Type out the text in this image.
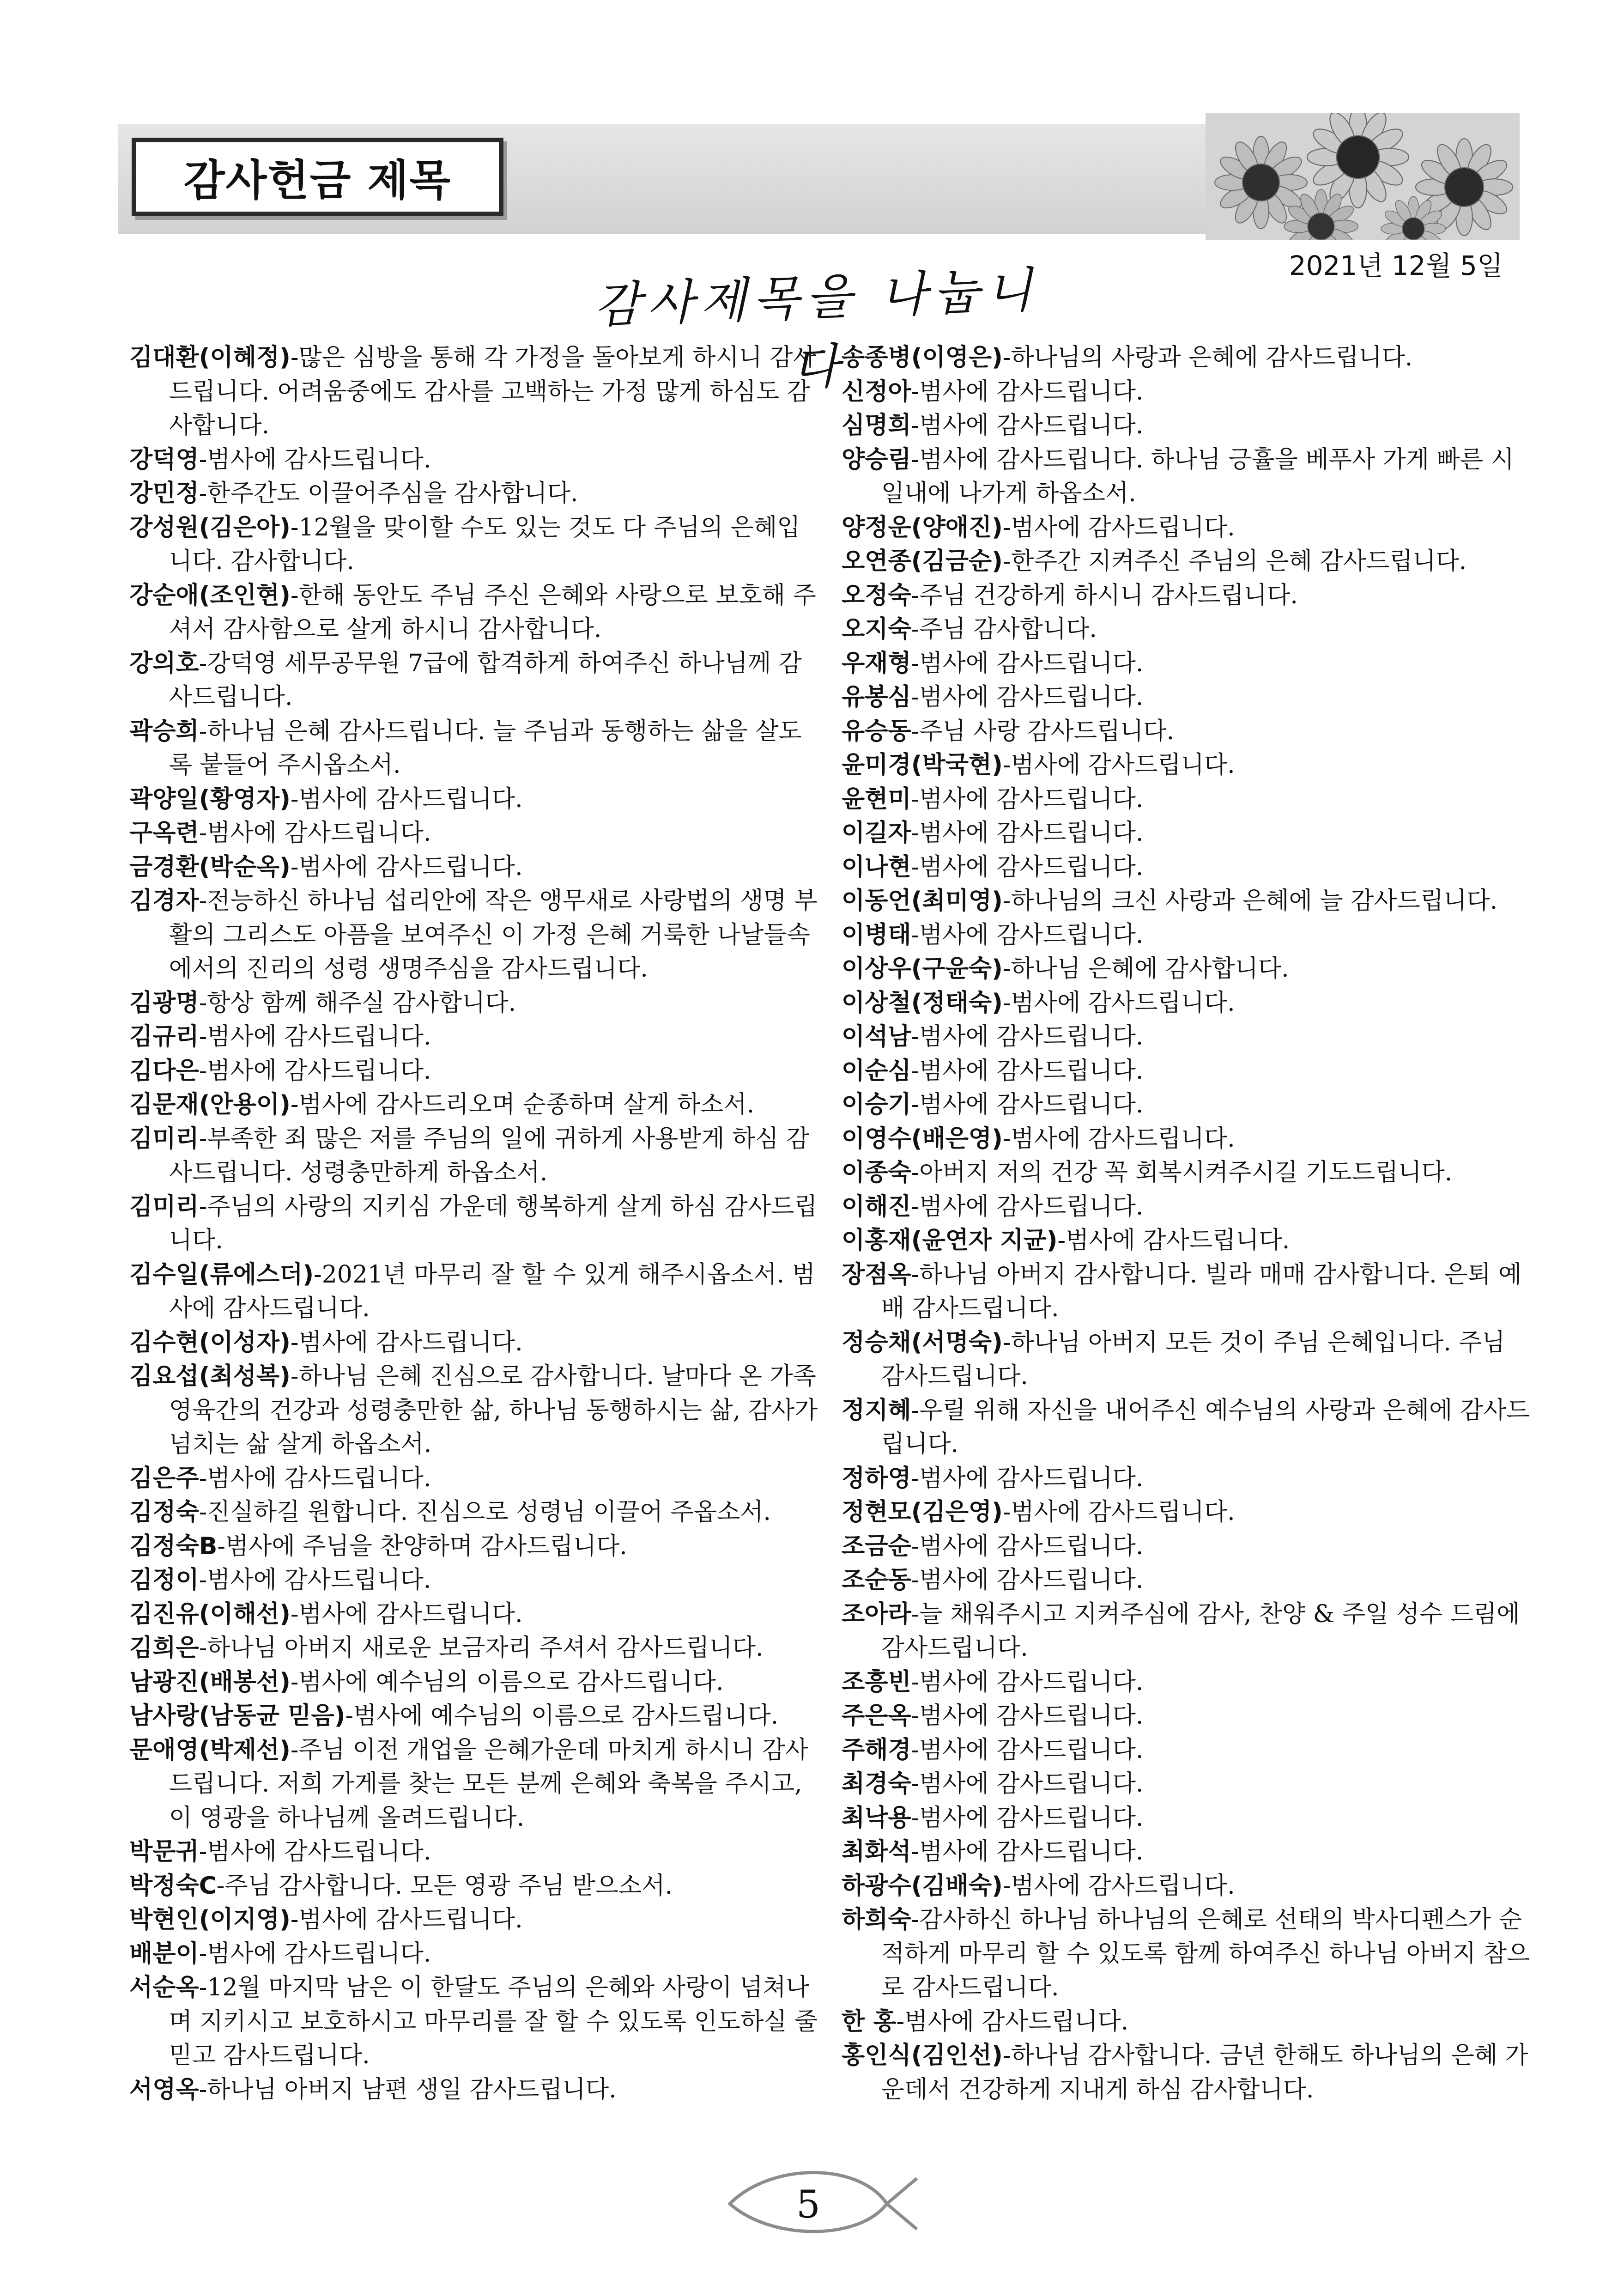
감사헌금 제목
2021년 12월 5일
감사제목을 나눕니다
김대환(이혜정)-많은 심방을 통해 각 가정을 돌아보게 하시니 감사드립니다. 어려움중에도 감사를 고백하는 가정 많게 하심도 감사합니다.
강덕영-범사에 감사드립니다.
강민정-한주간도 이끌어주심을 감사합니다.
강성원(김은아)-12월을 맞이할 수도 있는 것도 다 주님의 은혜입니다. 감사합니다.
강순애(조인현)-한해 동안도 주님 주신 은혜와 사랑으로 보호해 주셔서 감사함으로 살게 하시니 감사합니다.
강의호-강덕영 세무공무원 7급에 합격하게 하여주신 하나님께 감사드립니다.
곽승희-하나님 은혜 감사드립니다. 늘 주님과 동행하는 삶을 살도록 붙들어 주시옵소서.
곽양일(황영자)-범사에 감사드립니다.
구옥련-범사에 감사드립니다.
금경환(박순옥)-범사에 감사드립니다.
김경자-전능하신 하나님 섭리안에 작은 앵무새로 사랑법의 생명 부활의 그리스도 아픔을 보여주신 이 가정 은혜 거룩한 나날들속에서의 진리의 성령 생명주심을 감사드립니다.
김광명-항상 함께 해주실 감사합니다.
김규리-범사에 감사드립니다.
김다은-범사에 감사드립니다.
김문재(안용이)-범사에 감사드리오며 순종하며 살게 하소서.
김미리-부족한 죄 많은 저를 주님의 일에 귀하게 사용받게 하심 감사드립니다. 성령충만하게 하옵소서.
김미리-주님의 사랑의 지키심 가운데 행복하게 살게 하심 감사드립니다.
김수일(류에스더)-2021년 마무리 잘 할 수 있게 해주시옵소서. 범사에 감사드립니다.
김수현(이성자)-범사에 감사드립니다.
김요섭(최성복)-하나님 은혜 진심으로 감사합니다. 날마다 온 가족 영육간의 건강과 성령충만한 삶, 하나님 동행하시는 삶, 감사가 넘치는 삶 살게 하옵소서.
김은주-범사에 감사드립니다.
김정숙-진실하길 원합니다. 진심으로 성령님 이끌어 주옵소서.
김정숙B-범사에 주님을 찬양하며 감사드립니다.
김정이-범사에 감사드립니다.
김진유(이해선)-범사에 감사드립니다.
김희은-하나님 아버지 새로운 보금자리 주셔서 감사드립니다.
남광진(배봉선)-범사에 예수님의 이름으로 감사드립니다.
남사랑(남동균 믿음)-범사에 예수님의 이름으로 감사드립니다.
문애영(박제선)-주님 이전 개업을 은혜가운데 마치게 하시니 감사드립니다. 저희 가게를 찾는 모든 분께 은혜와 축복을 주시고, 이 영광을 하나님께 올려드립니다.
박문귀-범사에 감사드립니다.
박정숙C-주님 감사합니다. 모든 영광 주님 받으소서.
박현인(이지영)-범사에 감사드립니다.
배분이-범사에 감사드립니다.
서순옥-12월 마지막 남은 이 한달도 주님의 은혜와 사랑이 넘쳐나며 지키시고 보호하시고 마무리를 잘 할 수 있도록 인도하실 줄 믿고 감사드립니다.
서영옥-하나님 아버지 남편 생일 감사드립니다.
송종병(이영은)-하나님의 사랑과 은혜에 감사드립니다.
신정아-범사에 감사드립니다.
심명희-범사에 감사드립니다.
양승림-범사에 감사드립니다. 하나님 긍휼을 베푸사 가게 빠른 시일내에 나가게 하옵소서.
양정운(양애진)-범사에 감사드립니다.
오연종(김금순)-한주간 지켜주신 주님의 은혜 감사드립니다.
오정숙-주님 건강하게 하시니 감사드립니다.
오지숙-주님 감사합니다.
우재형-범사에 감사드립니다.
유봉심-범사에 감사드립니다.
유승동-주님 사랑 감사드립니다.
윤미경(박국현)-범사에 감사드립니다.
윤현미-범사에 감사드립니다.
이길자-범사에 감사드립니다.
이나현-범사에 감사드립니다.
이동언(최미영)-하나님의 크신 사랑과 은혜에 늘 감사드립니다.
이병태-범사에 감사드립니다.
이상우(구윤숙)-하나님 은혜에 감사합니다.
이상철(정태숙)-범사에 감사드립니다.
이석남-범사에 감사드립니다.
이순심-범사에 감사드립니다.
이승기-범사에 감사드립니다.
이영수(배은영)-범사에 감사드립니다.
이종숙-아버지 저의 건강 꼭 회복시켜주시길 기도드립니다.
이해진-범사에 감사드립니다.
이홍재(윤연자 지균)-범사에 감사드립니다.
장점옥-하나님 아버지 감사합니다. 빌라 매매 감사합니다. 은퇴 예배 감사드립니다.
정승채(서명숙)-하나님 아버지 모든 것이 주님 은혜입니다. 주님 감사드립니다.
정지혜-우릴 위해 자신을 내어주신 예수님의 사랑과 은혜에 감사드립니다.
정하영-범사에 감사드립니다.
정현모(김은영)-범사에 감사드립니다.
조금순-범사에 감사드립니다.
조순동-범사에 감사드립니다.
조아라-늘 채워주시고 지켜주심에 감사, 찬양 & 주일 성수 드림에 감사드립니다.
조흥빈-범사에 감사드립니다.
주은옥-범사에 감사드립니다.
주해경-범사에 감사드립니다.
최경숙-범사에 감사드립니다.
최낙용-범사에 감사드립니다.
최화석-범사에 감사드립니다.
하광수(김배숙)-범사에 감사드립니다.
하희숙-감사하신 하나님 하나님의 은혜로 선태의 박사디펜스가 순적하게 마무리 할 수 있도록 함께 하여주신 하나님 아버지 참으로 감사드립니다.
한 홍-범사에 감사드립니다.
홍인식(김인선)-하나님 감사합니다. 금년 한해도 하나님의 은혜 가운데서 건강하게 지내게 하심 감사합니다.
5
